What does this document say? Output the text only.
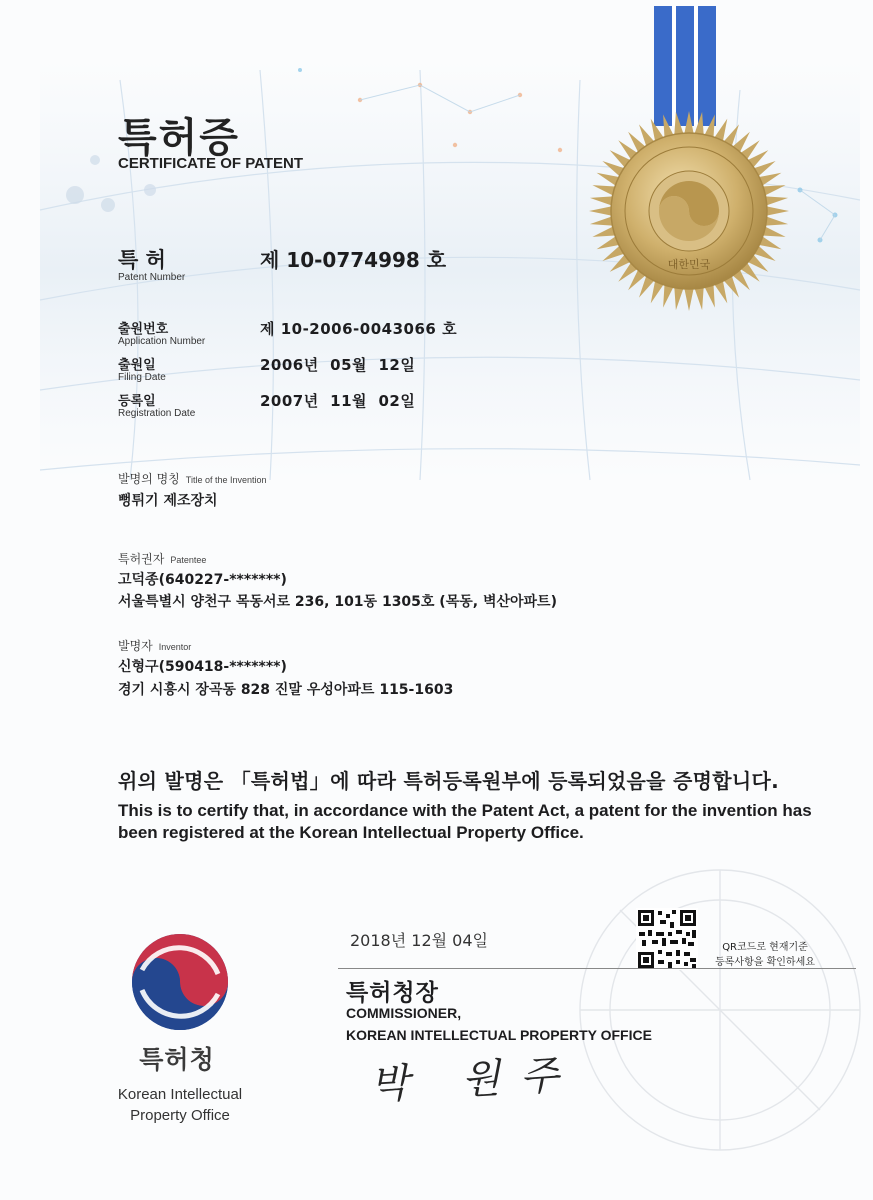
대한민국
특허증
CERTIFICATE OF PATENT
특 허
Patent Number
제 10-0774998 호
출원번호
Application Number
제 10-2006-0043066 호
출원일
Filing Date
2006년  05월  12일
등록일
Registration Date
2007년  11월  02일
발명의 명칭 Title of the Invention
뻥튀기 제조장치
특허권자 Patentee
고덕종(640227-*******)
서울특별시 양천구 목동서로 236, 101동 1305호 (목동, 벽산아파트)
발명자 Inventor
신형구(590418-*******)
경기 시흥시 장곡동 828 진말 우성아파트 115-1603
위의 발명은 「특허법」에 따라 특허등록원부에 등록되었음을 증명합니다.
This is to certify that, in accordance with the Patent Act, a patent for the invention has been registered at the Korean Intellectual Property Office.
2018년 12월 04일	QR코드로 현재기준
등록사항을 확인하세요
특허청장
COMMISSIONER,
KOREAN INTELLECTUAL PROPERTY OFFICE
박 원주
특허청
Korean Intellectual
Property Office
